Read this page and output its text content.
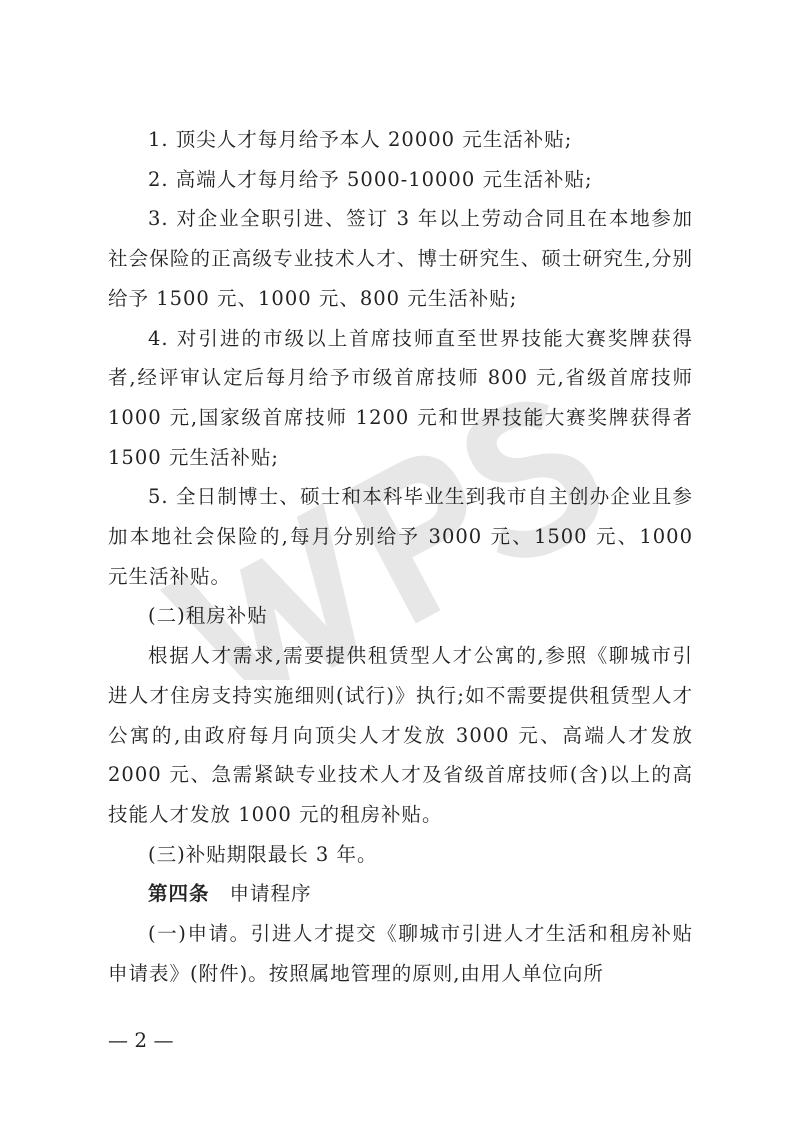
1. 顶尖人才每月给予本人 20000 元生活补贴;

2. 高端人才每月给予 5000-10000 元生活补贴;

3. 对企业全职引进、签订 3 年以上劳动合同且在本地参加社会保险的正高级专业技术人才、博士研究生、硕士研究生,分别给予 1500 元、1000 元、800 元生活补贴;

4. 对引进的市级以上首席技师直至世界技能大赛奖牌获得者,经评审认定后每月给予市级首席技师 800 元,省级首席技师 1000 元,国家级首席技师 1200 元和世界技能大赛奖牌获得者 1500 元生活补贴;

5. 全日制博士、硕士和本科毕业生到我市自主创办企业且参加本地社会保险的,每月分别给予 3000 元、1500 元、1000 元生活补贴。

(二)租房补贴

根据人才需求,需要提供租赁型人才公寓的,参照《聊城市引进人才住房支持实施细则(试行)》执行;如不需要提供租赁型人才公寓的,由政府每月向顶尖人才发放 3000 元、高端人才发放 2000 元、急需紧缺专业技术人才及省级首席技师(含)以上的高技能人才发放 1000 元的租房补贴。

(三)补贴期限最长 3 年。

第四条 申请程序

(一)申请。引进人才提交《聊城市引进人才生活和租房补贴申请表》(附件)。按照属地管理的原则,由用人单位向所

— 2 —
